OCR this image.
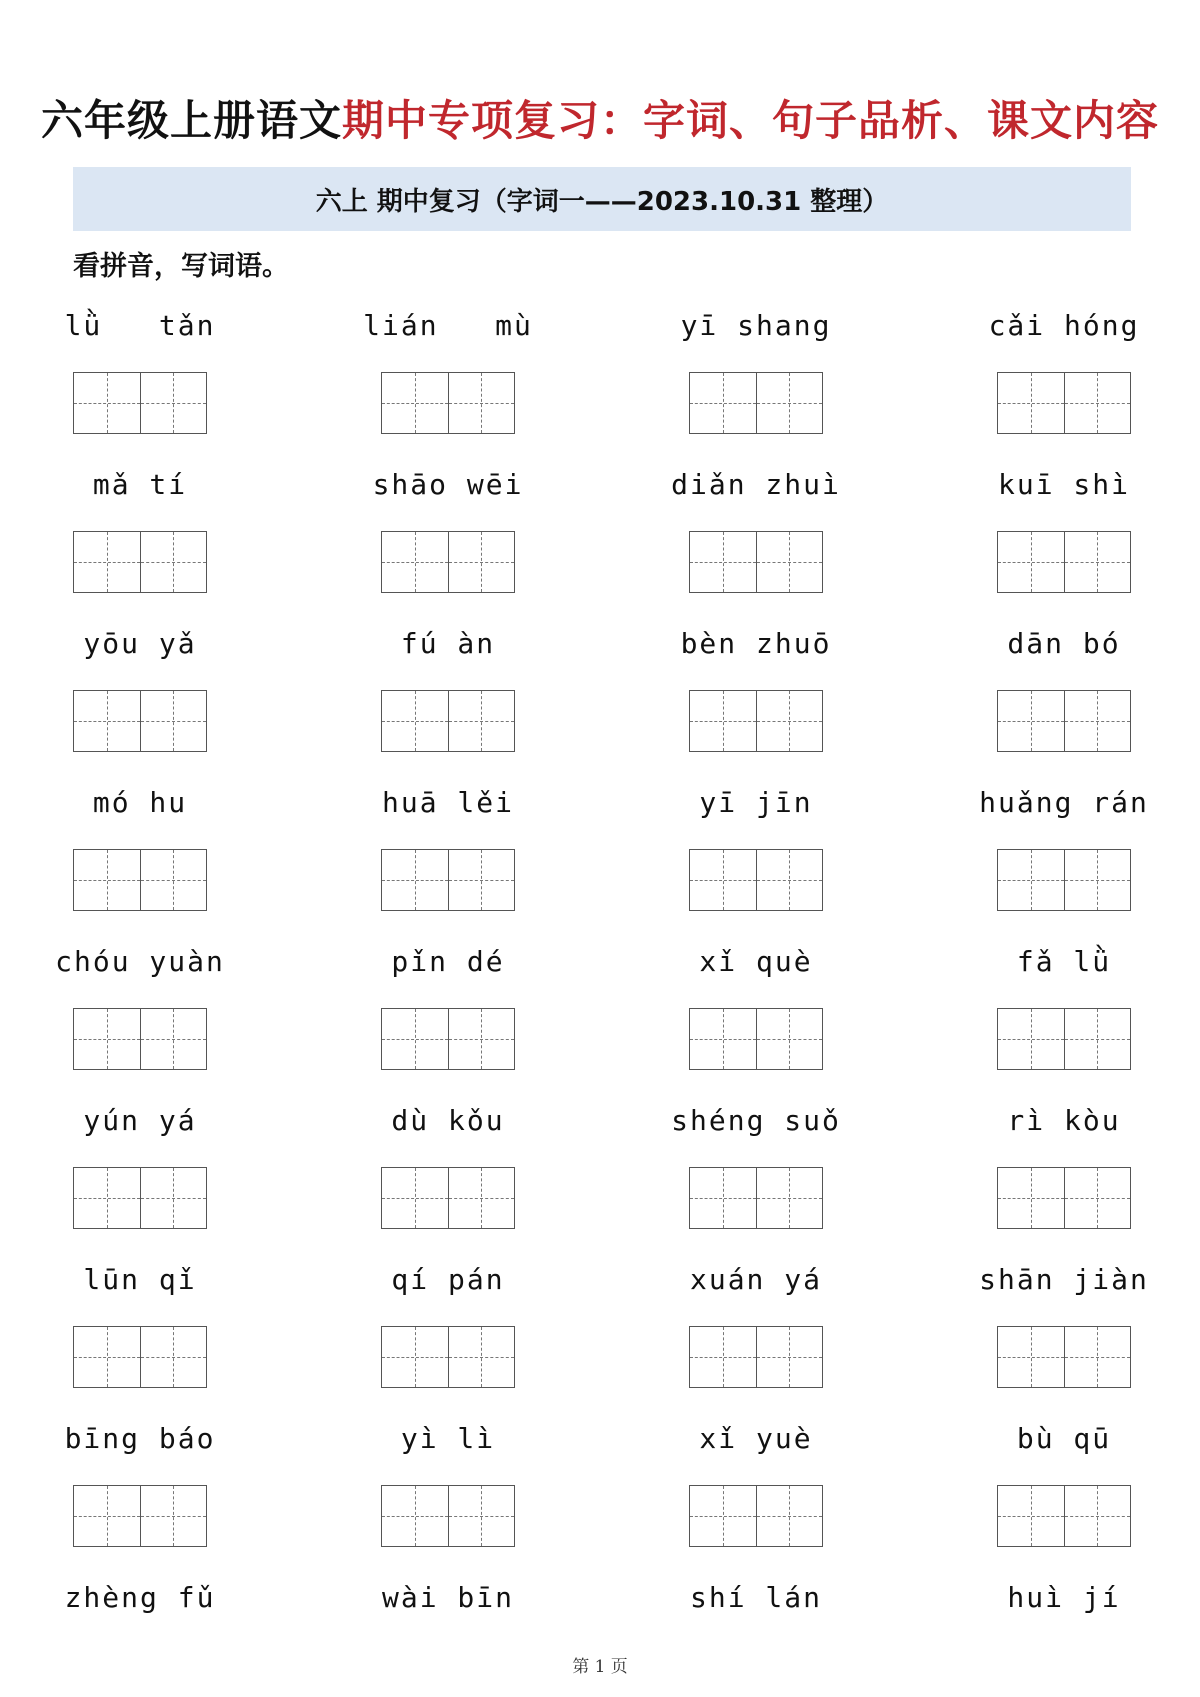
六年级上册语文期中专项复习：字词、句子品析、课文内容
六上 期中复习（字词一——2023.10.31 整理）
看拼音，写词语。
lǜ   tǎn	lián   mù	yī shang	cǎi hóng
mǎ tí	shāo wēi	diǎn zhuì	kuī shì
yōu yǎ	fú àn	bèn zhuō	dān bó
mó hu	huā lěi	yī jīn	huǎng rán
chóu yuàn	pǐn dé	xǐ què	fǎ lǜ
yún yá	dù kǒu	shéng suǒ	rì kòu
lūn qǐ	qí pán	xuán yá	shān jiàn
bīng báo	yì lì	xǐ yuè	bù qū
zhèng fǔ	wài bīn	shí lán	huì jí
第 1 页
